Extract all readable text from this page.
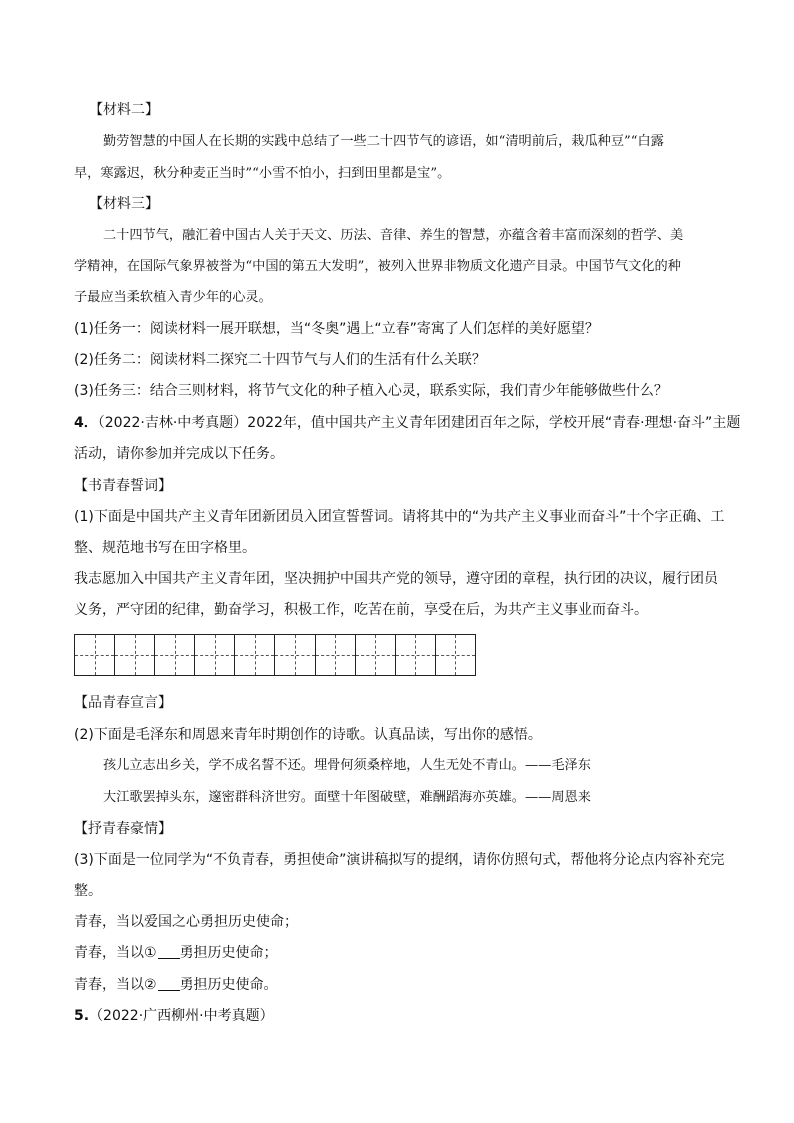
【材料二】
勤劳智慧的中国人在长期的实践中总结了一些二十四节气的谚语，如“清明前后，栽瓜种豆”“白露
早，寒露迟，秋分种麦正当时”“小雪不怕小，扫到田里都是宝”。
【材料三】
二十四节气，融汇着中国古人关于天文、历法、音律、养生的智慧，亦蕴含着丰富而深刻的哲学、美
学精神，在国际气象界被誉为“中国的第五大发明”，被列入世界非物质文化遗产目录。中国节气文化的种
子最应当柔软植入青少年的心灵。
(1)任务一：阅读材料一展开联想，当“冬奥”遇上“立春”寄寓了人们怎样的美好愿望？
(2)任务二：阅读材料二探究二十四节气与人们的生活有什么关联？
(3)任务三：结合三则材料，将节气文化的种子植入心灵，联系实际，我们青少年能够做些什么？
4．（2022·吉林·中考真题）2022年，值中国共产主义青年团建团百年之际，学校开展“青春·理想·奋斗”主题
活动，请你参加并完成以下任务。
【书青春誓词】
(1)下面是中国共产主义青年团新团员入团宣誓誓词。请将其中的“为共产主义事业而奋斗”十个字正确、工
整、规范地书写在田字格里。
我志愿加入中国共产主义青年团，坚决拥护中国共产党的领导，遵守团的章程，执行团的决议，履行团员
义务，严守团的纪律，勤奋学习，积极工作，吃苦在前，享受在后，为共产主义事业而奋斗。
【品青春宣言】
(2)下面是毛泽东和周恩来青年时期创作的诗歌。认真品读，写出你的感悟。
孩儿立志出乡关，学不成名誓不还。埋骨何须桑梓地，人生无处不青山。——毛泽东
大江歌罢掉头东，邃密群科济世穷。面壁十年图破壁，难酬蹈海亦英雄。——周恩来
【抒青春豪情】
(3)下面是一位同学为“不负青春，勇担使命”演讲稿拟写的提纲，请你仿照句式，帮他将分论点内容补充完
整。
青春，当以爱国之心勇担历史使命；
青春，当以① 勇担历史使命；
青春，当以② 勇担历史使命。
5.（2022·广西柳州·中考真题）
